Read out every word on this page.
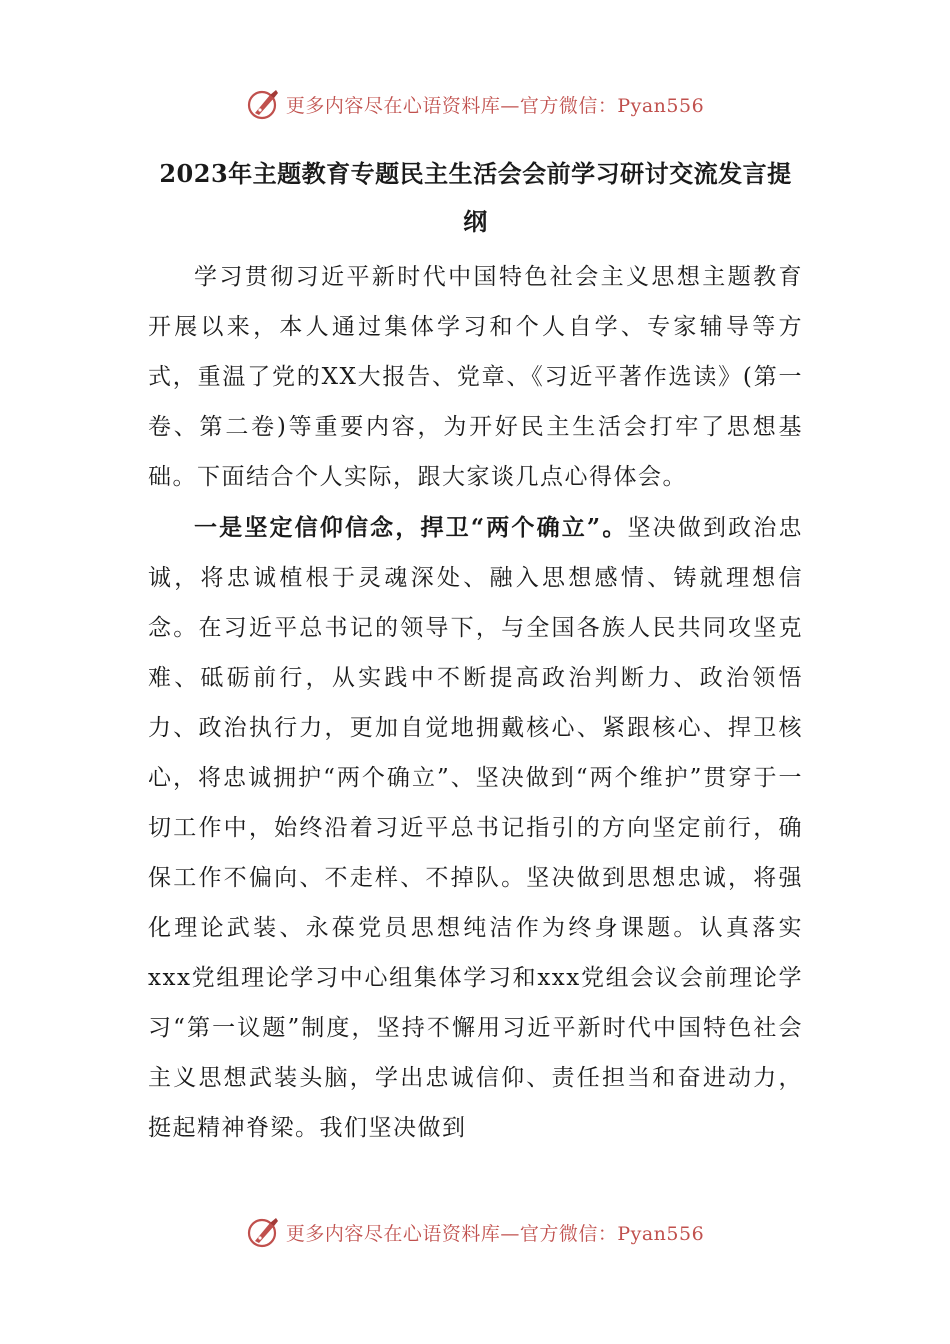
更多内容尽在心语资料库—官方微信：Pyan556
2023年主题教育专题民主生活会会前学习研讨交流发言提纲

学习贯彻习近平新时代中国特色社会主义思想主题教育开展以来，本人通过集体学习和个人自学、专家辅导等方式，重温了党的XX大报告、党章、《习近平著作选读》(第一卷、第二卷)等重要内容，为开好民主生活会打牢了思想基础。下面结合个人实际，跟大家谈几点心得体会。

一是坚定信仰信念，捍卫“两个确立”。坚决做到政治忠诚，将忠诚植根于灵魂深处、融入思想感情、铸就理想信念。在习近平总书记的领导下，与全国各族人民共同攻坚克难、砥砺前行，从实践中不断提高政治判断力、政治领悟力、政治执行力，更加自觉地拥戴核心、紧跟核心、捍卫核心，将忠诚拥护“两个确立”、坚决做到“两个维护”贯穿于一切工作中，始终沿着习近平总书记指引的方向坚定前行，确保工作不偏向、不走样、不掉队。坚决做到思想忠诚，将强化理论武装、永葆党员思想纯洁作为终身课题。认真落实xxx党组理论学习中心组集体学习和xxx党组会议会前理论学习“第一议题”制度，坚持不懈用习近平新时代中国特色社会主义思想武装头脑，学出忠诚信仰、责任担当和奋进动力，挺起精神脊梁。我们坚决做到

更多内容尽在心语资料库—官方微信：Pyan556
